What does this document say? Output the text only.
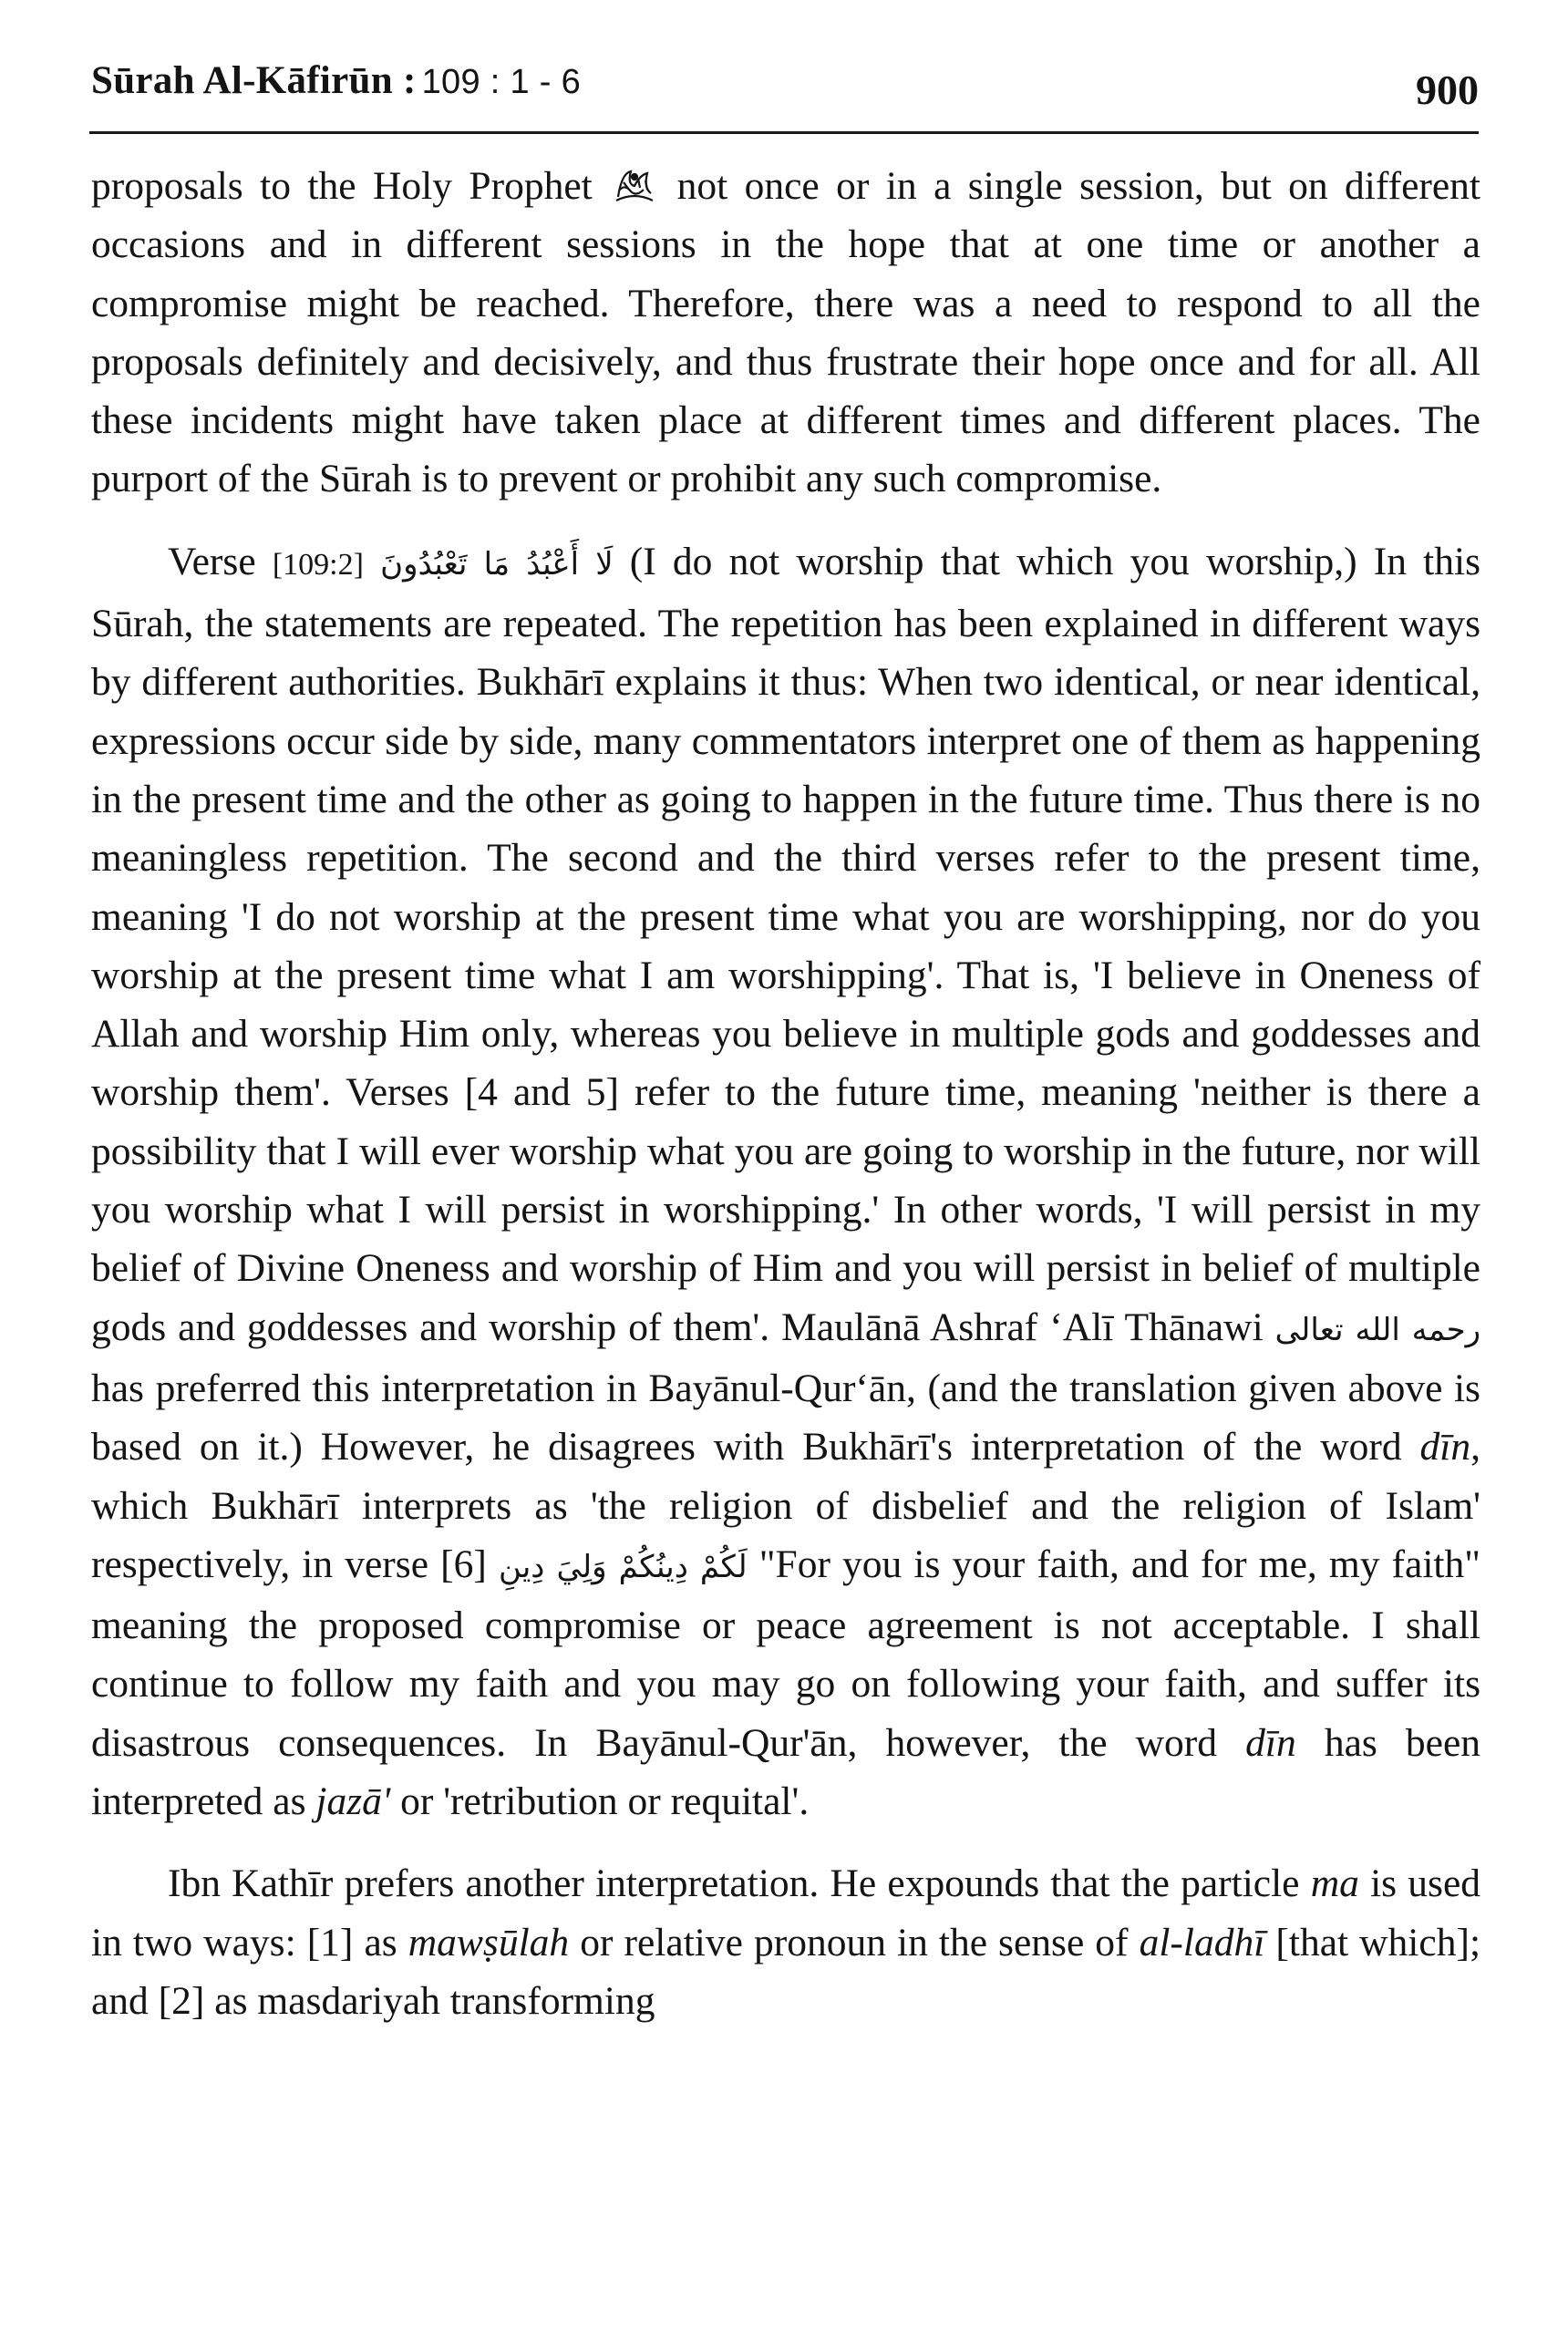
Sūrah Al-Kāfirūn : 109 : 1 - 6	900

proposals to the Holy Prophet not once or in a single session, but on different occasions and in different sessions in the hope that at one time or another a compromise might be reached. Therefore, there was a need to respond to all the proposals definitely and decisively, and thus frustrate their hope once and for all. All these incidents might have taken place at different times and different places. The purport of the Sūrah is to prevent or prohibit any such compromise.

Verse [109:2] لَا أَعْبُدُ مَا تَعْبُدُونَ (I do not worship that which you worship,) In this Sūrah, the statements are repeated. The repetition has been explained in different ways by different authorities. Bukhārī explains it thus: When two identical, or near identical, expressions occur side by side, many commentators interpret one of them as happening in the present time and the other as going to happen in the future time. Thus there is no meaningless repetition. The second and the third verses refer to the present time, meaning 'I do not worship at the present time what you are worshipping, nor do you worship at the present time what I am worshipping'. That is, 'I believe in Oneness of Allah and worship Him only, whereas you believe in multiple gods and goddesses and worship them'. Verses [4 and 5] refer to the future time, meaning 'neither is there a possibility that I will ever worship what you are going to worship in the future, nor will you worship what I will persist in worshipping.' In other words, 'I will persist in my belief of Divine Oneness and worship of Him and you will persist in belief of multiple gods and goddesses and worship of them'. Maulānā Ashraf ‘Alī Thānawi رحمه الله تعالى has preferred this interpretation in Bayānul-Qur‘ān, (and the translation given above is based on it.) However, he disagrees with Bukhārī's interpretation of the word dīn, which Bukhārī interprets as 'the religion of disbelief and the religion of Islam' respectively, in verse [6] لَكُمْ دِينُكُمْ وَلِيَ دِينِ "For you is your faith, and for me, my faith" meaning the proposed compromise or peace agreement is not acceptable. I shall continue to follow my faith and you may go on following your faith, and suffer its disastrous consequences. In Bayānul-Qur'ān, however, the word dīn has been interpreted as jazā' or 'retribution or requital'.

Ibn Kathīr prefers another interpretation. He expounds that the particle ma is used in two ways: [1] as mawṣūlah or relative pronoun in the sense of al-ladhī [that which]; and [2] as masdariyah transforming
